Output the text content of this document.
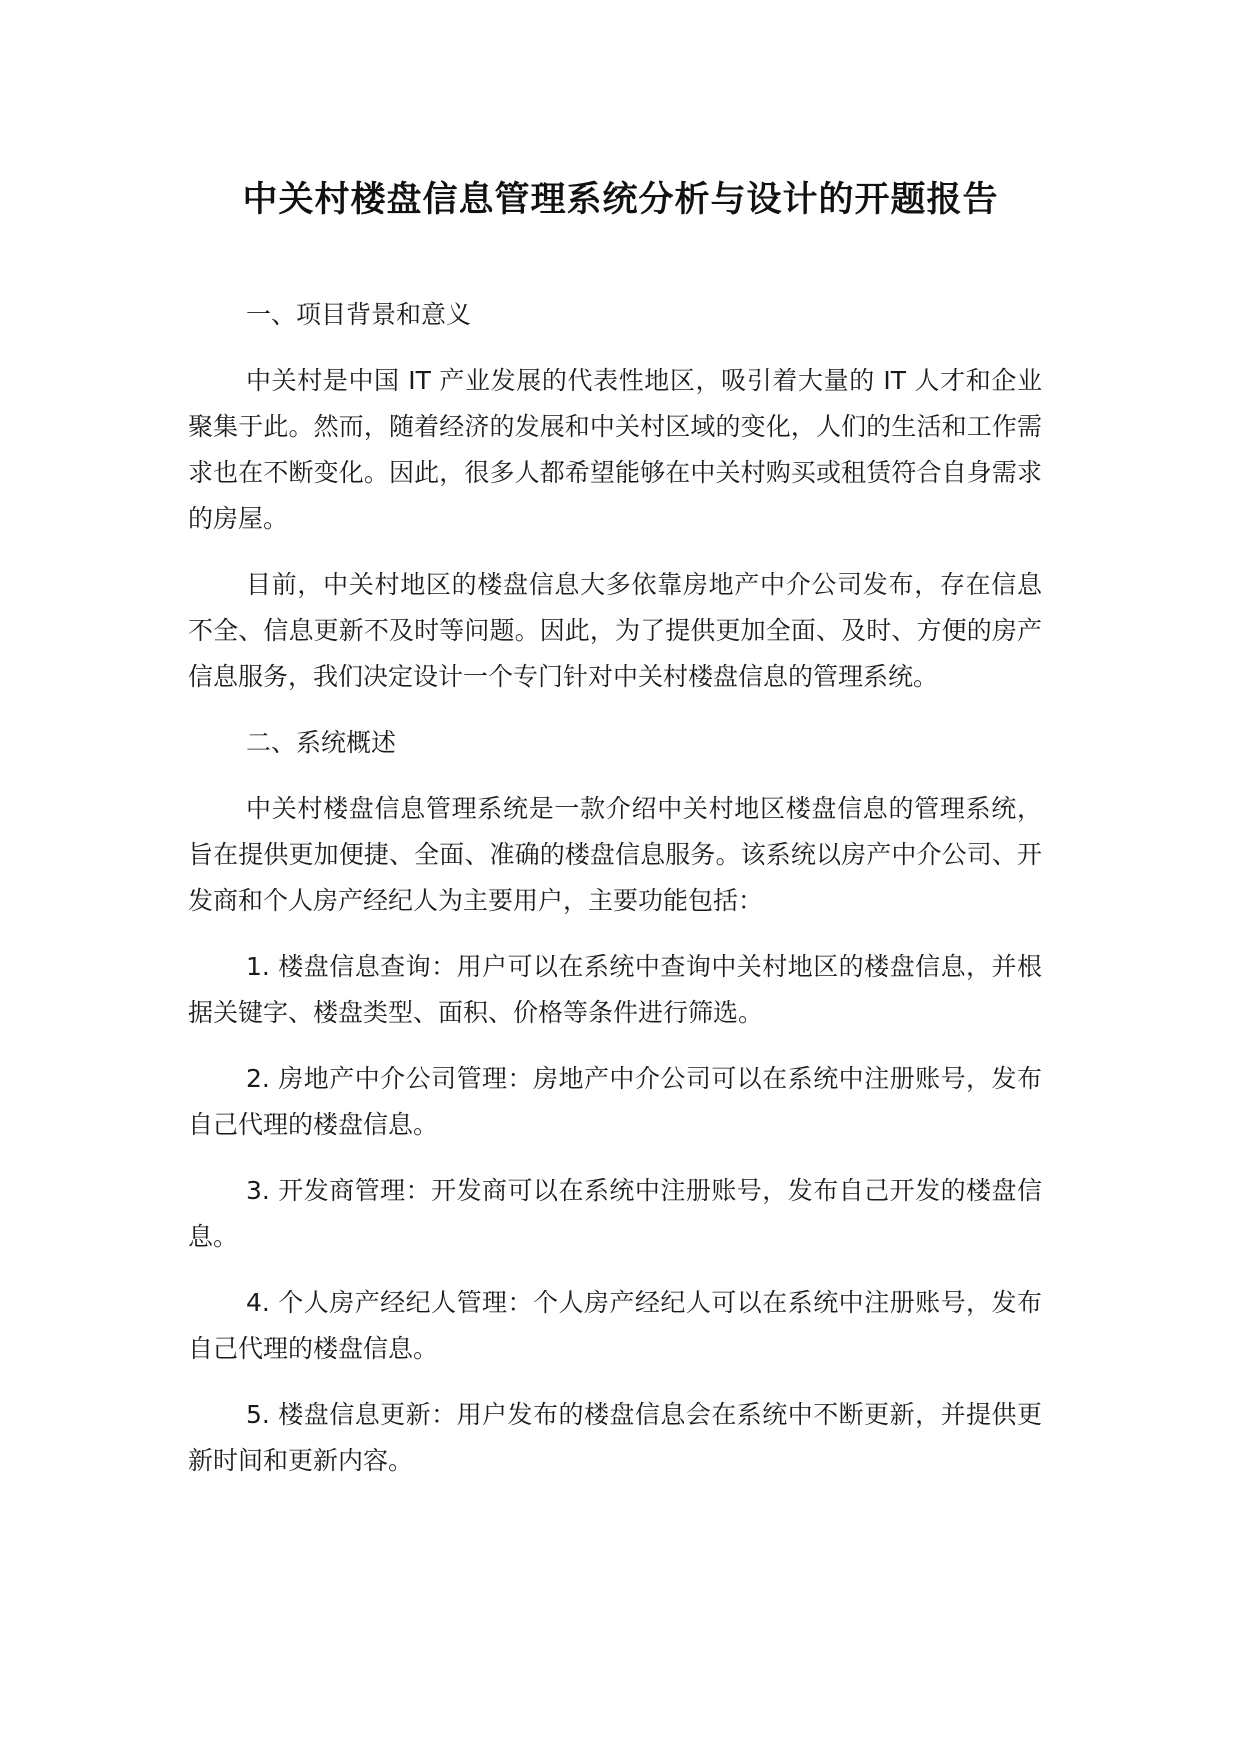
中关村楼盘信息管理系统分析与设计的开题报告

一、项目背景和意义

中关村是中国 IT 产业发展的代表性地区，吸引着大量的 IT 人才和企业聚集于此。然而，随着经济的发展和中关村区域的变化，人们的生活和工作需求也在不断变化。因此，很多人都希望能够在中关村购买或租赁符合自身需求的房屋。

目前，中关村地区的楼盘信息大多依靠房地产中介公司发布，存在信息不全、信息更新不及时等问题。因此，为了提供更加全面、及时、方便的房产信息服务，我们决定设计一个专门针对中关村楼盘信息的管理系统。

二、系统概述

中关村楼盘信息管理系统是一款介绍中关村地区楼盘信息的管理系统，旨在提供更加便捷、全面、准确的楼盘信息服务。该系统以房产中介公司、开发商和个人房产经纪人为主要用户，主要功能包括：

1. 楼盘信息查询：用户可以在系统中查询中关村地区的楼盘信息，并根据关键字、楼盘类型、面积、价格等条件进行筛选。

2. 房地产中介公司管理：房地产中介公司可以在系统中注册账号，发布自己代理的楼盘信息。

3. 开发商管理：开发商可以在系统中注册账号，发布自己开发的楼盘信息。

4. 个人房产经纪人管理：个人房产经纪人可以在系统中注册账号，发布自己代理的楼盘信息。

5. 楼盘信息更新：用户发布的楼盘信息会在系统中不断更新，并提供更新时间和更新内容。
